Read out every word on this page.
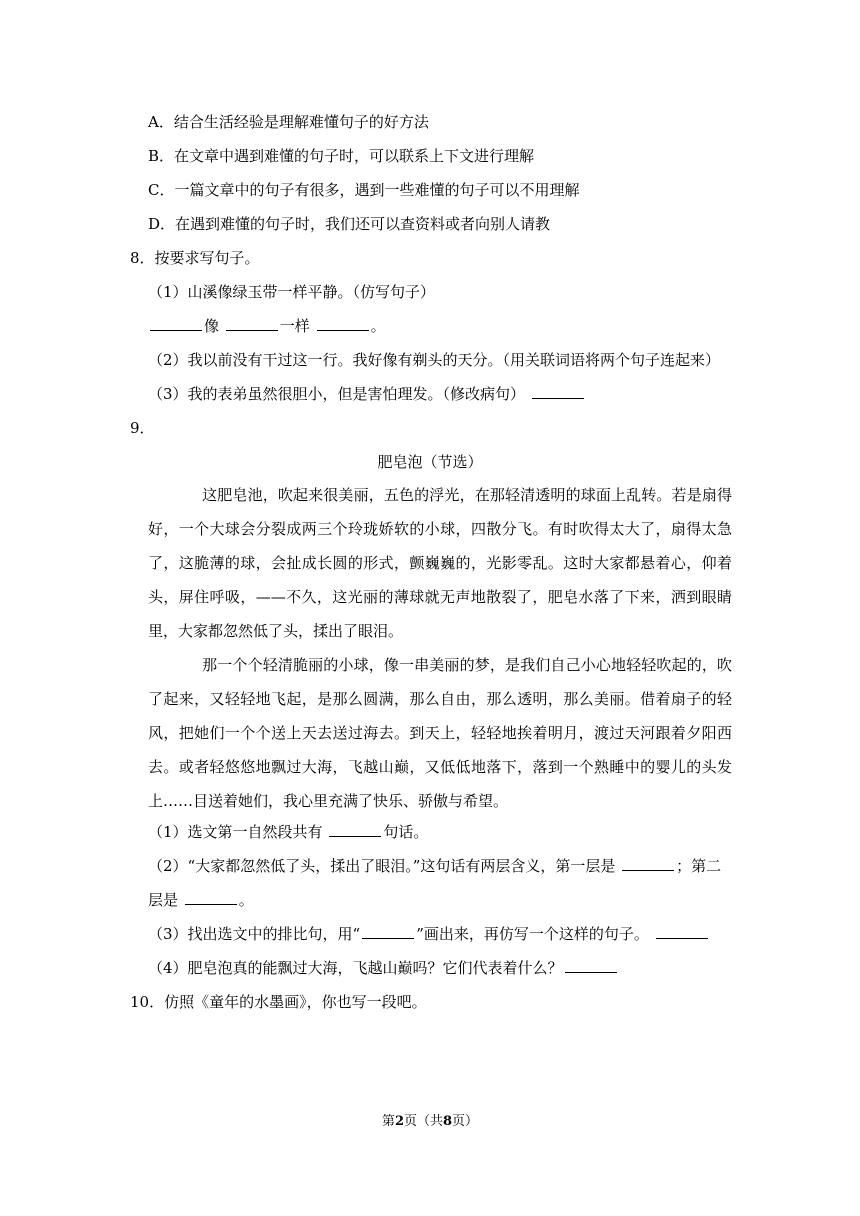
A．结合生活经验是理解难懂句子的好方法
B．在文章中遇到难懂的句子时，可以联系上下文进行理解
C．一篇文章中的句子有很多，遇到一些难懂的句子可以不用理解
D．在遇到难懂的句子时，我们还可以查资料或者向别人请教
8．按要求写句子。
（1）山溪像绿玉带一样平静。（仿写句子）
像	一样	。
（2）我以前没有干过这一行。我好像有剃头的天分。（用关联词语将两个句子连起来）
（3）我的表弟虽然很胆小，但是害怕理发。（修改病句）
9．
肥皂泡（节选）
这肥皂池，吹起来很美丽，五色的浮光，在那轻清透明的球面上乱转。若是扇得好，一个大球会分裂成两三个玲珑娇软的小球，四散分飞。有时吹得太大了，扇得太急了，这脆薄的球，会扯成长圆的形式，颤巍巍的，光影零乱。这时大家都悬着心，仰着头，屏住呼吸，——不久，这光丽的薄球就无声地散裂了，肥皂水落了下来，洒到眼睛里，大家都忽然低了头，揉出了眼泪。
那一个个轻清脆丽的小球，像一串美丽的梦，是我们自己小心地轻轻吹起的，吹了起来，又轻轻地飞起，是那么圆满，那么自由，那么透明，那么美丽。借着扇子的轻风，把她们一个个送上天去送过海去。到天上，轻轻地挨着明月，渡过天河跟着夕阳西去。或者轻悠悠地飘过大海，飞越山巅，又低低地落下，落到一个熟睡中的婴儿的头发上……目送着她们，我心里充满了快乐、骄傲与希望。
（1）选文第一自然段共有	句话。
（2）“大家都忽然低了头，揉出了眼泪。”这句话有两层含义，第一层是	；第二
层是	。
（3）找出选文中的排比句，用“	”画出来，再仿写一个这样的句子。
（4）肥皂泡真的能飘过大海，飞越山巅吗？它们代表着什么？
10．仿照《童年的水墨画》，你也写一段吧。
第2页（共8页）
